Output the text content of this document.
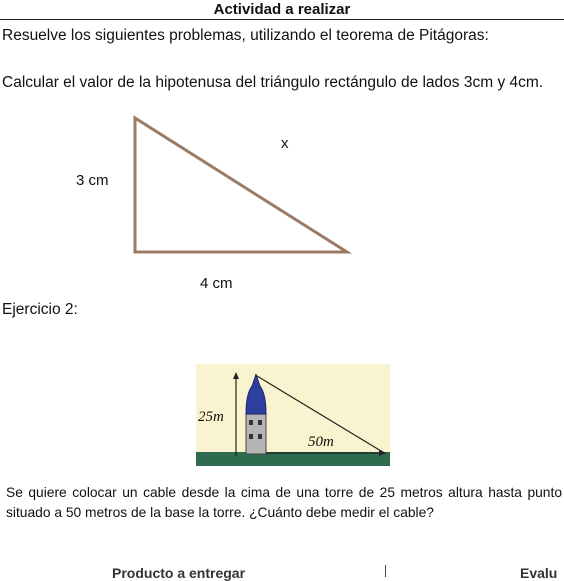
Actividad a realizar
Resuelve los siguientes problemas, utilizando el teorema de Pitágoras:
Calcular el valor de la hipotenusa del triángulo rectángulo de lados 3cm y 4cm.
3 cm
4 cm
x
Ejercicio 2:
25m
50m
Se quiere colocar un cable desde la cima de una torre de 25 metros altura hasta punto situado a 50 metros de la base la torre. ¿Cuánto debe medir el cable?
Producto a entregar	Evalu
